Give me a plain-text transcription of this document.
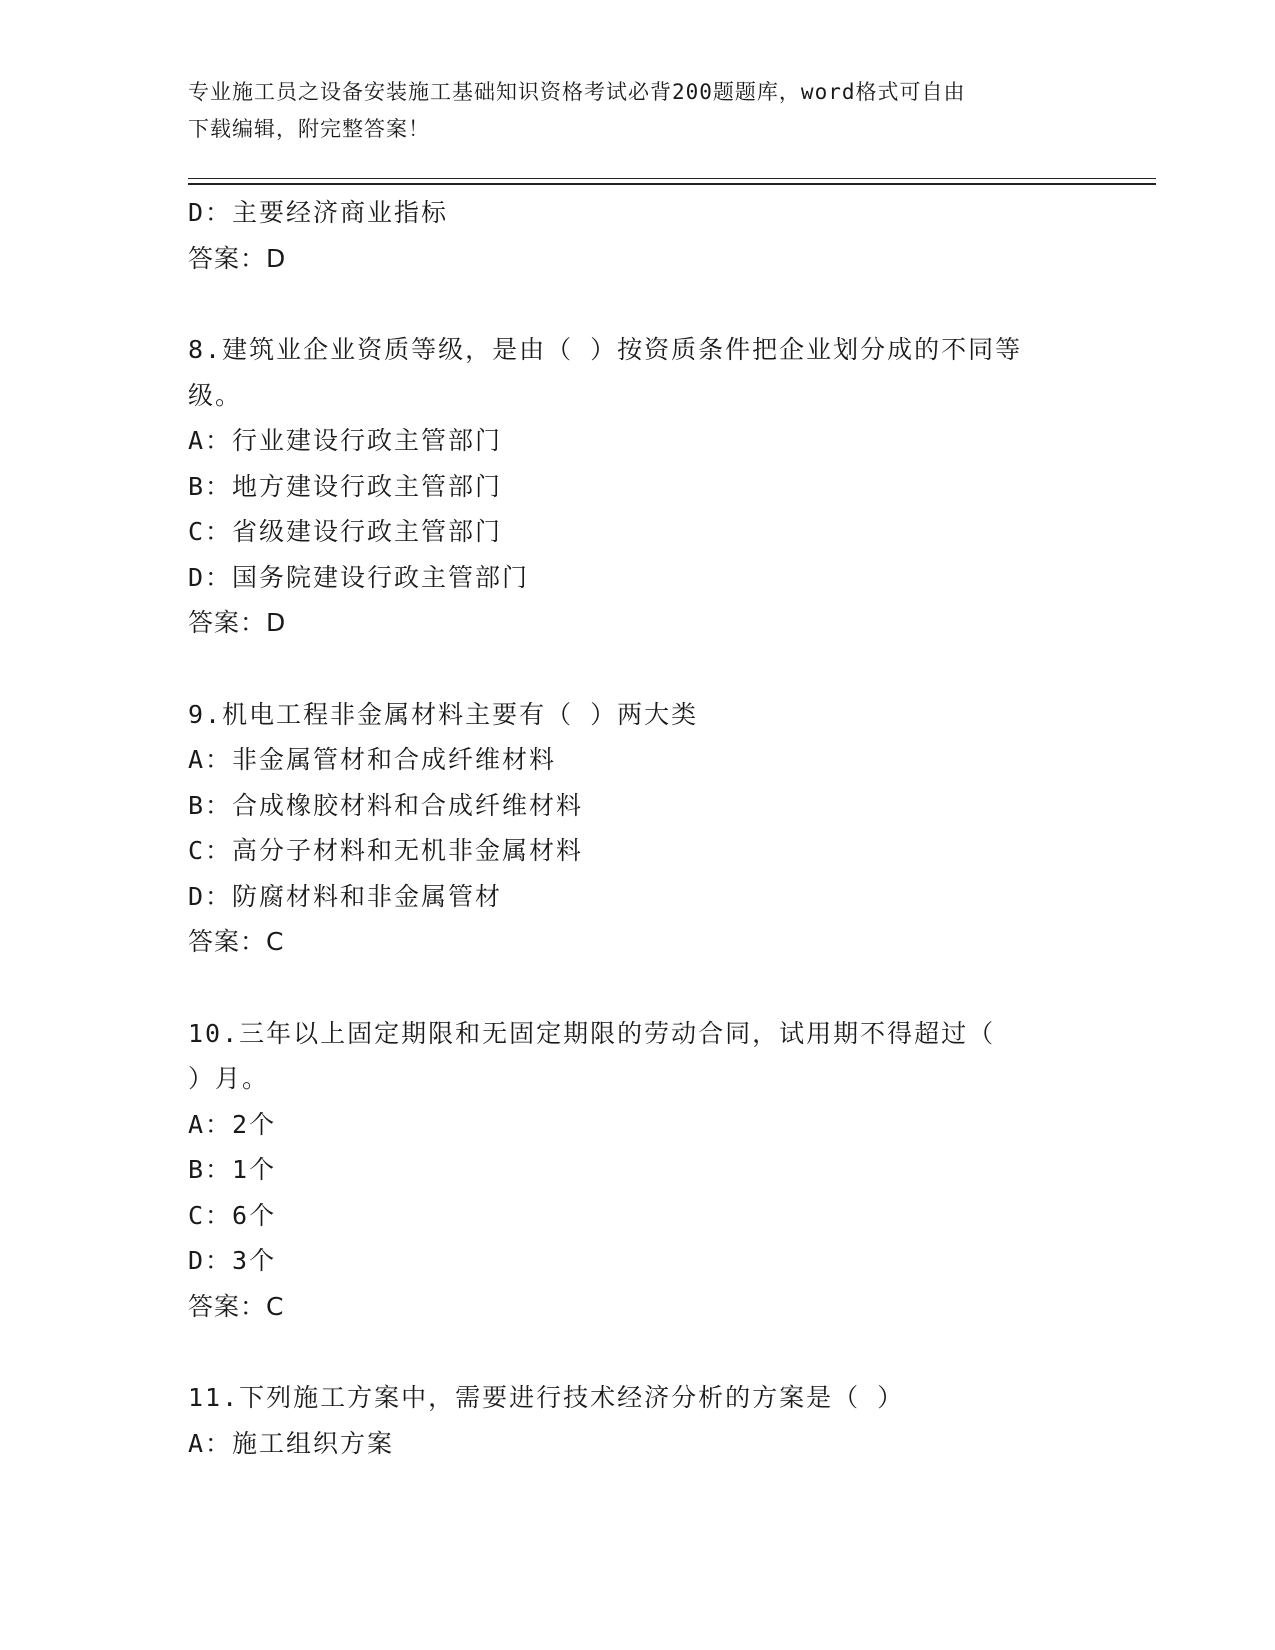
专业施工员之设备安装施工基础知识资格考试必背200题题库，word格式可自由
下载编辑，附完整答案！
D：主要经济商业指标
答案：D
8.建筑业企业资质等级，是由（ ）按资质条件把企业划分成的不同等
级。
A：行业建设行政主管部门
B：地方建设行政主管部门
C：省级建设行政主管部门
D：国务院建设行政主管部门
答案：D
9.机电工程非金属材料主要有（ ）两大类
A：非金属管材和合成纤维材料
B：合成橡胶材料和合成纤维材料
C：高分子材料和无机非金属材料
D：防腐材料和非金属管材
答案：C
10.三年以上固定期限和无固定期限的劳动合同，试用期不得超过（
）月。
A：2个
B：1个
C：6个
D：3个
答案：C
11.下列施工方案中，需要进行技术经济分析的方案是（ ）
A：施工组织方案
